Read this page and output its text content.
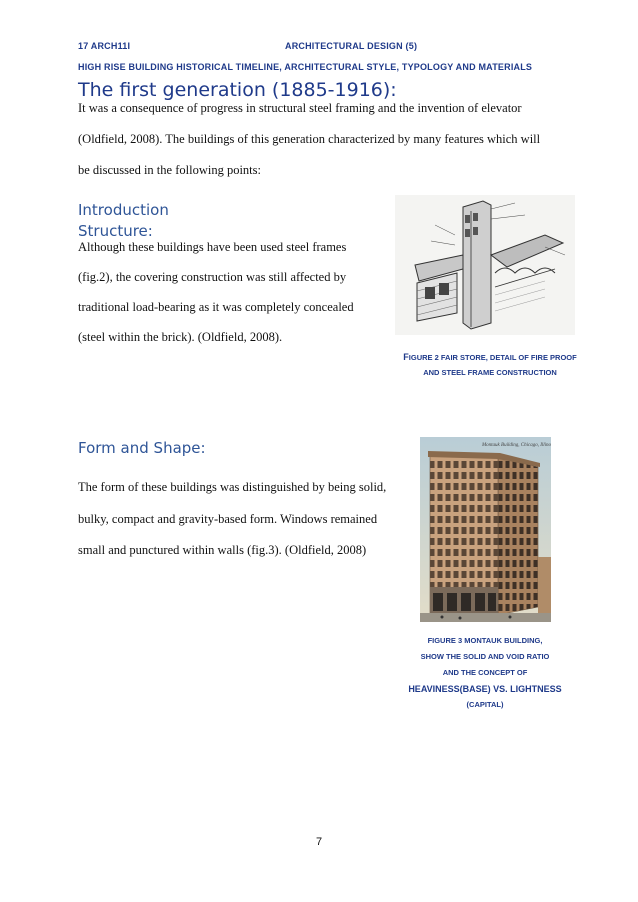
17 ARCH11I	ARCHITECTURAL DESIGN (5)
HIGH RISE BUILDING HISTORICAL TIMELINE, ARCHITECTURAL STYLE, TYPOLOGY AND MATERIALS
The first generation (1885-1916):
It was a consequence of progress in structural steel framing and the invention of elevator
(Oldfield, 2008). The buildings of this generation characterized by many features which will
be discussed in the following points:
Introduction
Structure:
Although these buildings have been used steel frames
(fig.2), the covering construction was still affected by
traditional load-bearing as it was completely concealed
(steel within the brick). (Oldfield, 2008).
FIGURE 2 FAIR STORE, DETAIL OF FIRE PROOF
AND STEEL FRAME CONSTRUCTION
Form and Shape:
The form of these buildings was distinguished by being solid,
bulky, compact and gravity-based form. Windows remained
small and punctured within walls (fig.3). (Oldfield, 2008)
Montauk Building, Chicago, Illinois
FIGURE 3 MONTAUK BUILDING,
SHOW THE SOLID AND VOID RATIO
AND THE CONCEPT OF
HEAVINESS(BASE) VS. LIGHTNESS
(CAPITAL)
7
